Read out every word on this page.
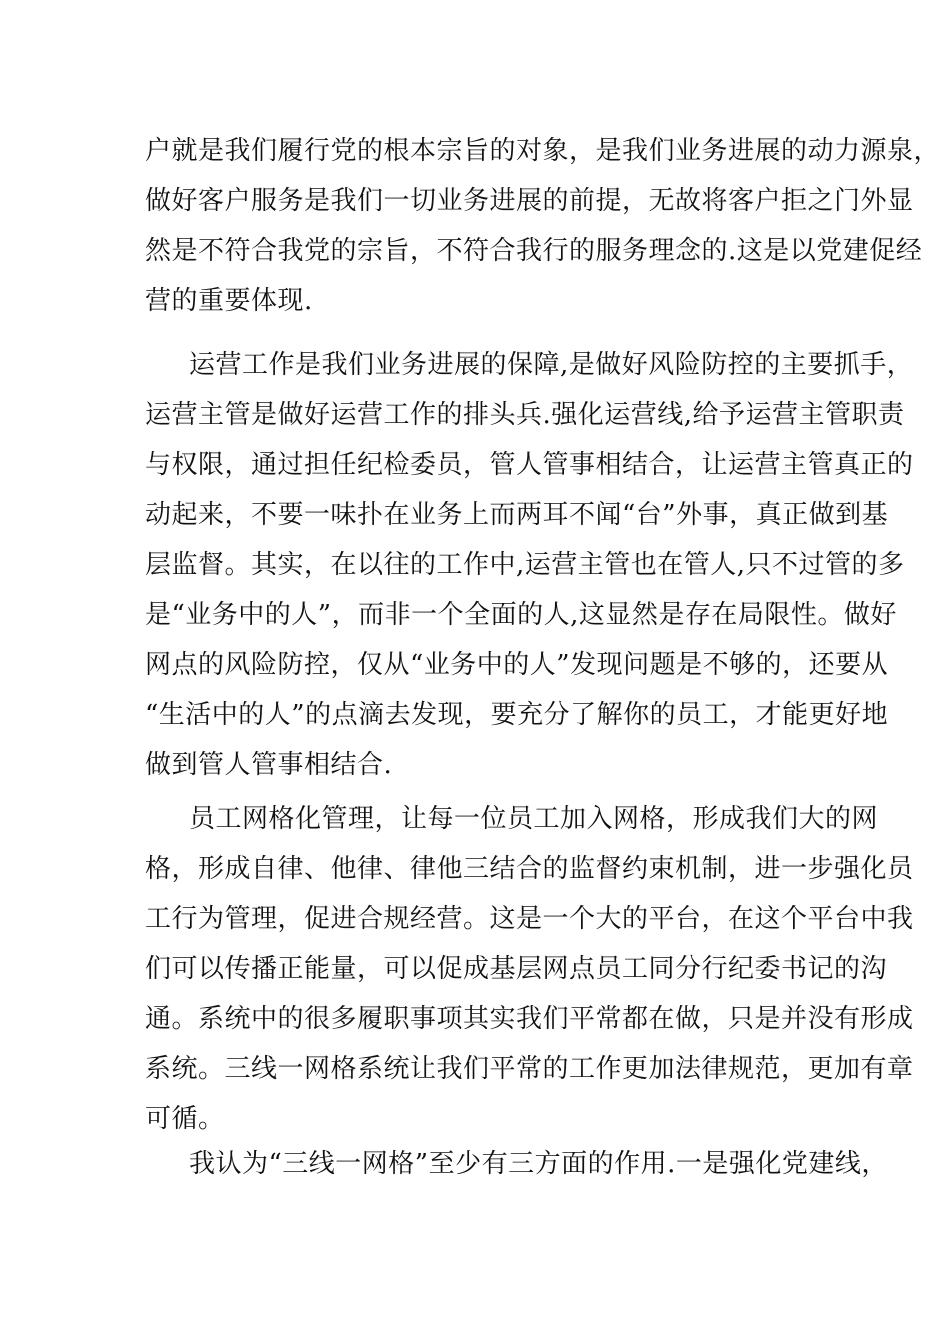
户就是我们履行党的根本宗旨的对象，是我们业务进展的动力源泉，
做好客户服务是我们一切业务进展的前提，无故将客户拒之门外显
然是不符合我党的宗旨，不符合我行的服务理念的.这是以党建促经
营的重要体现.
运营工作是我们业务进展的保障,是做好风险防控的主要抓手，
运营主管是做好运营工作的排头兵.强化运营线,给予运营主管职责
与权限，通过担任纪检委员，管人管事相结合，让运营主管真正的
动起来，不要一味扑在业务上而两耳不闻“台”外事，真正做到基
层监督。其实，在以往的工作中,运营主管也在管人,只不过管的多
是“业务中的人”，而非一个全面的人,这显然是存在局限性。做好
网点的风险防控，仅从“业务中的人”发现问题是不够的，还要从
“生活中的人”的点滴去发现，要充分了解你的员工，才能更好地
做到管人管事相结合.
员工网格化管理，让每一位员工加入网格，形成我们大的网
格，形成自律、他律、律他三结合的监督约束机制，进一步强化员
工行为管理，促进合规经营。这是一个大的平台，在这个平台中我
们可以传播正能量，可以促成基层网点员工同分行纪委书记的沟
通。系统中的很多履职事项其实我们平常都在做，只是并没有形成
系统。三线一网格系统让我们平常的工作更加法律规范，更加有章
可循。
我认为“三线一网格”至少有三方面的作用.一是强化党建线，
